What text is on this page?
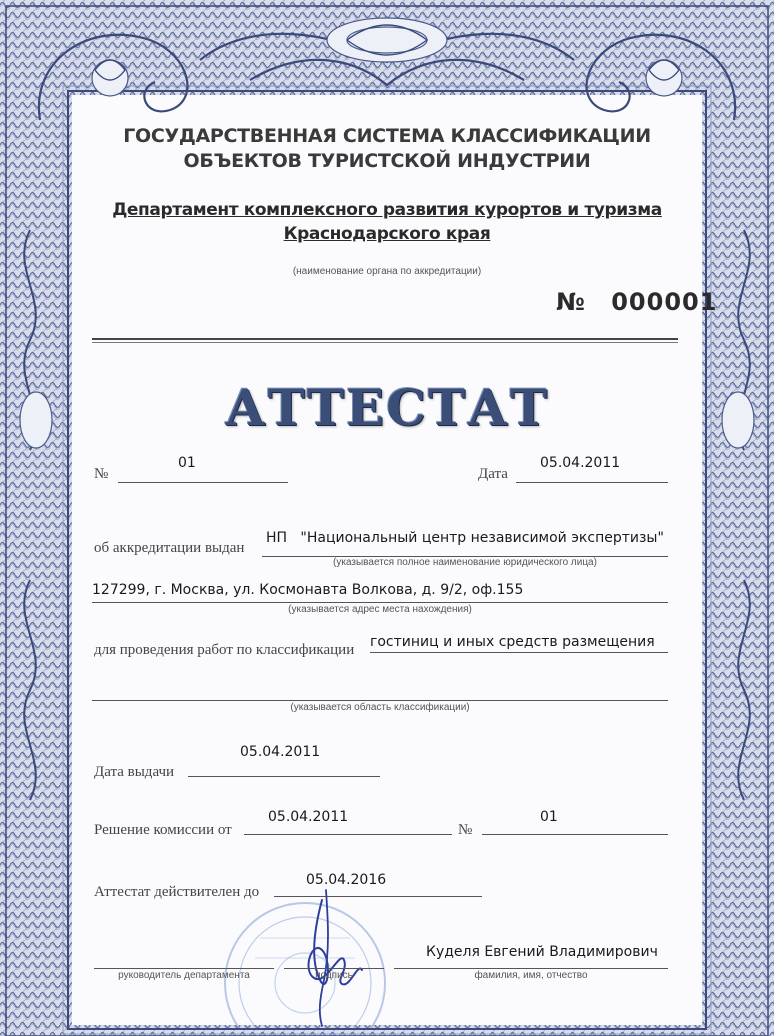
ГОСУДАРСТВЕННАЯ СИСТЕМА КЛАССИФИКАЦИИ
ОБЪЕКТОВ ТУРИСТСКОЙ ИНДУСТРИИ
Департамент комплексного развития курортов и туризма
Краснодарского края
(наименование органа по аккредитации)
№ 000001
АТТЕСТАТ
№
01
Дата
05.04.2011
об аккредитации выдан
НП   "Национальный центр независимой экспертизы"
(указывается полное наименование юридического лица)
127299, г. Москва, ул. Космонавта Волкова, д. 9/2, оф.155
(указывается адрес места нахождения)
для проведения работ по классификации гостиниц и иных средств размещения
(указывается область классификации)
Дата выдачи
05.04.2011
Решение комиссии от
05.04.2011
№
01
Аттестат действителен до
05.04.2016
Куделя Евгений Владимирович
руководитель департамента	подпись	фамилия, имя, отчество
